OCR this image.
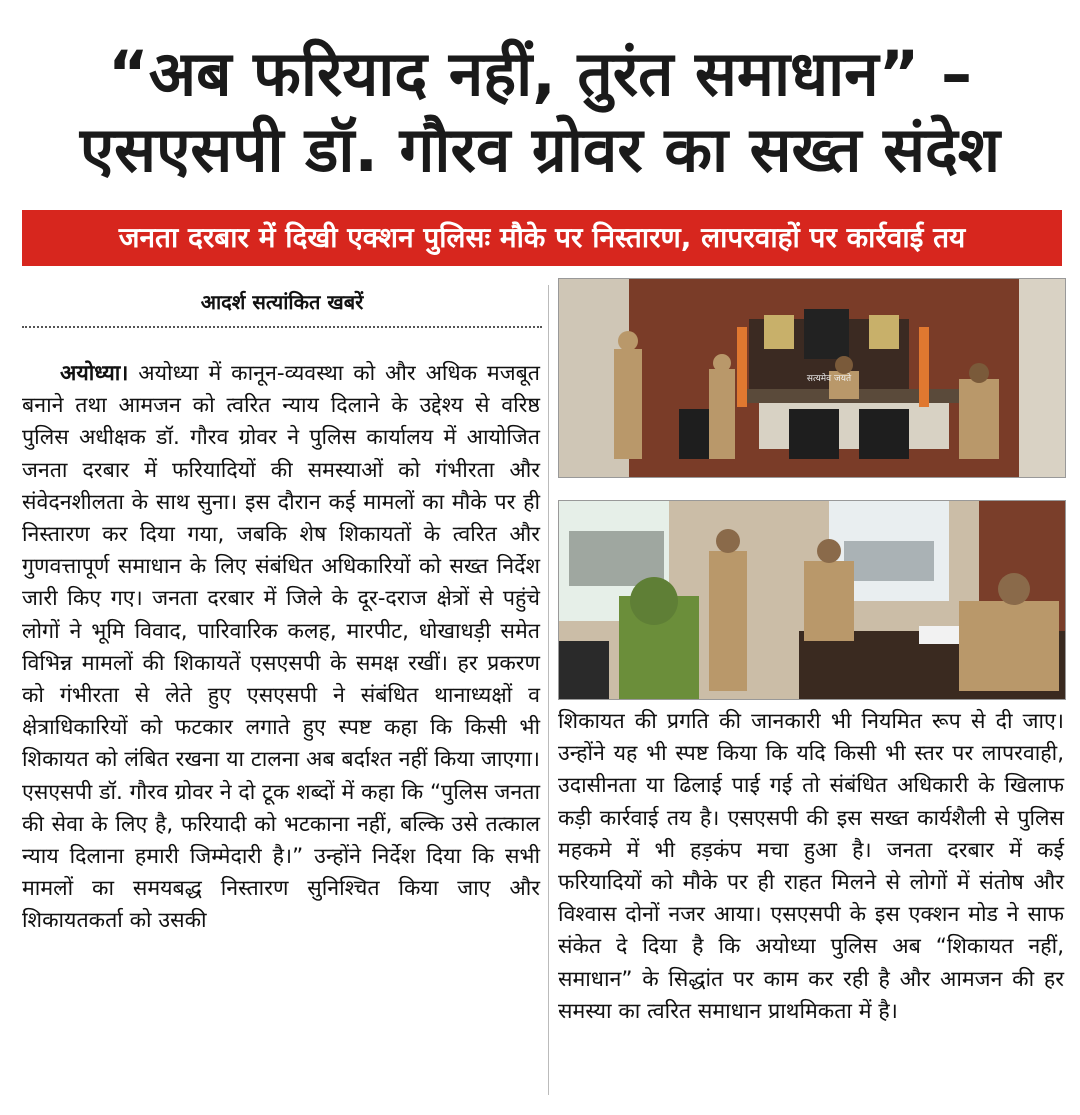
“अब फरियाद नहीं, तुरंत समाधान” –
एसएसपी डॉ. गौरव ग्रोवर का सख्त संदेश
जनता दरबार में दिखी एक्शन पुलिसः मौके पर निस्तारण, लापरवाहों पर कार्रवाई तय
आदर्श सत्यांकित खबरें

अयोध्या। अयोध्या में कानून-व्यवस्था को और अधिक मजबूत बनाने तथा आमजन को त्वरित न्याय दिलाने के उद्देश्य से वरिष्ठ पुलिस अधीक्षक डॉ. गौरव ग्रोवर ने पुलिस कार्यालय में आयोजित जनता दरबार में फरियादियों की समस्याओं को गंभीरता और संवेदनशीलता के साथ सुना। इस दौरान कई मामलों का मौके पर ही निस्तारण कर दिया गया, जबकि शेष शिकायतों के त्वरित और गुणवत्तापूर्ण समाधान के लिए संबंधित अधिकारियों को सख्त निर्देश जारी किए गए। जनता दरबार में जिले के दूर-दराज क्षेत्रों से पहुंचे लोगों ने भूमि विवाद, पारिवारिक कलह, मारपीट, धोखाधड़ी समेत विभिन्न मामलों की शिकायतें एसएसपी के समक्ष रखीं। हर प्रकरण को गंभीरता से लेते हुए एसएसपी ने संबंधित थानाध्यक्षों व क्षेत्राधिकारियों को फटकार लगाते हुए स्पष्ट कहा कि किसी भी शिकायत को लंबित रखना या टालना अब बर्दाश्त नहीं किया जाएगा। एसएसपी डॉ. गौरव ग्रोवर ने दो टूक शब्दों में कहा कि “पुलिस जनता की सेवा के लिए है, फरियादी को भटकाना नहीं, बल्कि उसे तत्काल न्याय दिलाना हमारी जिम्मेदारी है।” उन्होंने निर्देश दिया कि सभी मामलों का समयबद्ध निस्तारण सुनिश्चित किया जाए और शिकायतकर्ता को उसकी

सत्यमेव जयते

शिकायत की प्रगति की जानकारी भी नियमित रूप से दी जाए। उन्होंने यह भी स्पष्ट किया कि यदि किसी भी स्तर पर लापरवाही, उदासीनता या ढिलाई पाई गई तो संबंधित अधिकारी के खिलाफ कड़ी कार्रवाई तय है। एसएसपी की इस सख्त कार्यशैली से पुलिस महकमे में भी हड़कंप मचा हुआ है। जनता दरबार में कई फरियादियों को मौके पर ही राहत मिलने से लोगों में संतोष और विश्वास दोनों नजर आया। एसएसपी के इस एक्शन मोड ने साफ संकेत दे दिया है कि अयोध्या पुलिस अब “शिकायत नहीं, समाधान” के सिद्धांत पर काम कर रही है और आमजन की हर समस्या का त्वरित समाधान प्राथमिकता में है।
